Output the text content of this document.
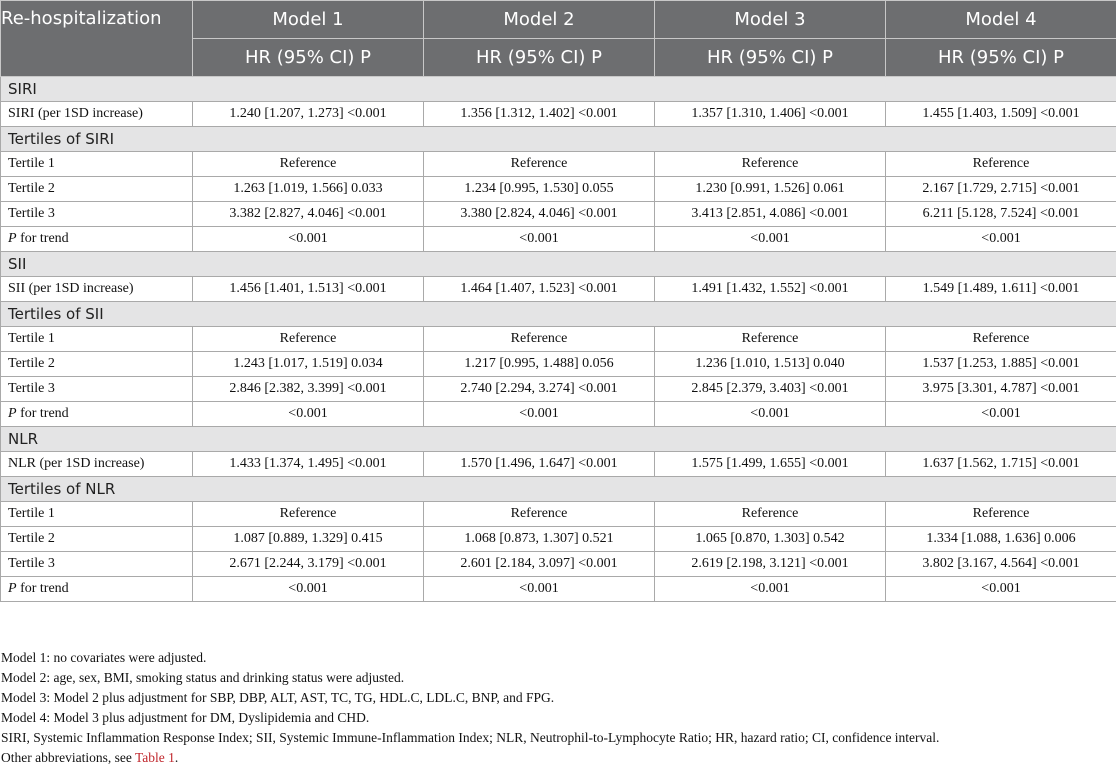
Re-hospitalization	Model 1	Model 2	Model 3	Model 4
	HR (95% CI) P	HR (95% CI) P	HR (95% CI) P	HR (95% CI) P
SIRI				
SIRI (per 1SD increase)	1.240 [1.207, 1.273] <0.001	1.356 [1.312, 1.402] <0.001	1.357 [1.310, 1.406] <0.001	1.455 [1.403, 1.509] <0.001
Tertiles of SIRI				
Tertile 1	Reference	Reference	Reference	Reference
Tertile 2	1.263 [1.019, 1.566] 0.033	1.234 [0.995, 1.530] 0.055	1.230 [0.991, 1.526] 0.061	2.167 [1.729, 2.715] <0.001
Tertile 3	3.382 [2.827, 4.046] <0.001	3.380 [2.824, 4.046] <0.001	3.413 [2.851, 4.086] <0.001	6.211 [5.128, 7.524] <0.001
P for trend	<0.001	<0.001	<0.001	<0.001
SII				
SII (per 1SD increase)	1.456 [1.401, 1.513] <0.001	1.464 [1.407, 1.523] <0.001	1.491 [1.432, 1.552] <0.001	1.549 [1.489, 1.611] <0.001
Tertiles of SII				
Tertile 1	Reference	Reference	Reference	Reference
Tertile 2	1.243 [1.017, 1.519] 0.034	1.217 [0.995, 1.488] 0.056	1.236 [1.010, 1.513] 0.040	1.537 [1.253, 1.885] <0.001
Tertile 3	2.846 [2.382, 3.399] <0.001	2.740 [2.294, 3.274] <0.001	2.845 [2.379, 3.403] <0.001	3.975 [3.301, 4.787] <0.001
P for trend	<0.001	<0.001	<0.001	<0.001
NLR				
NLR (per 1SD increase)	1.433 [1.374, 1.495] <0.001	1.570 [1.496, 1.647] <0.001	1.575 [1.499, 1.655] <0.001	1.637 [1.562, 1.715] <0.001
Tertiles of NLR				
Tertile 1	Reference	Reference	Reference	Reference
Tertile 2	1.087 [0.889, 1.329] 0.415	1.068 [0.873, 1.307] 0.521	1.065 [0.870, 1.303] 0.542	1.334 [1.088, 1.636] 0.006
Tertile 3	2.671 [2.244, 3.179] <0.001	2.601 [2.184, 3.097] <0.001	2.619 [2.198, 3.121] <0.001	3.802 [3.167, 4.564] <0.001
P for trend	<0.001	<0.001	<0.001	<0.001
Model 1: no covariates were adjusted.
Model 2: age, sex, BMI, smoking status and drinking status were adjusted.
Model 3: Model 2 plus adjustment for SBP, DBP, ALT, AST, TC, TG, HDL.C, LDL.C, BNP, and FPG.
Model 4: Model 3 plus adjustment for DM, Dyslipidemia and CHD.
SIRI, Systemic Inflammation Response Index; SII, Systemic Immune-Inflammation Index; NLR, Neutrophil-to-Lymphocyte Ratio; HR, hazard ratio; CI, confidence interval.
Other abbreviations, see Table 1.
